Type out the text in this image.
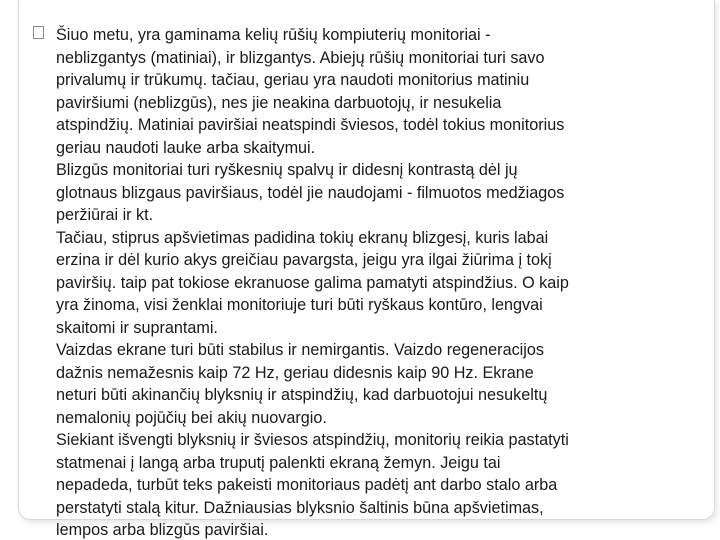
Šiuo metu, yra gaminama kelių rūšių kompiuterių monitoriai -
neblizgantys (matiniai), ir blizgantys. Abiejų rūšių monitoriai turi savo
privalumų ir trūkumų. tačiau, geriau yra naudoti monitorius matiniu
paviršiumi (neblizgūs), nes jie neakina darbuotojų, ir nesukelia
atspindžių. Matiniai paviršiai neatspindi šviesos, todėl tokius monitorius
geriau naudoti lauke arba skaitymui.
Blizgūs monitoriai turi ryškesnių spalvų ir didesnį kontrastą dėl jų
glotnaus blizgaus paviršiaus, todėl jie naudojami - filmuotos medžiagos
peržiūrai ir kt.
Tačiau, stiprus apšvietimas padidina tokių ekranų blizgesį, kuris labai
erzina ir dėl kurio akys greičiau pavargsta, jeigu yra ilgai žiūrima į tokį
paviršių. taip pat tokiose ekranuose galima pamatyti atspindžius. O kaip
yra žinoma, visi ženklai monitoriuje turi būti ryškaus kontūro, lengvai
skaitomi ir suprantami.
Vaizdas ekrane turi būti stabilus ir nemirgantis. Vaizdo regeneracijos
dažnis nemažesnis kaip 72 Hz, geriau didesnis kaip 90 Hz. Ekrane
neturi būti akinančių blyksnių ir atspindžių, kad darbuotojui nesukeltų
nemalonių pojūčių bei akių nuovargio.
Siekiant išvengti blyksnių ir šviesos atspindžių, monitorių reikia pastatyti
statmenai į langą arba truputį palenkti ekraną žemyn. Jeigu tai
nepadeda, turbūt teks pakeisti monitoriaus padėtį ant darbo stalo arba
perstatyti stalą kitur. Dažniausias blyksnio šaltinis būna apšvietimas,
lempos arba blizgūs paviršiai.
